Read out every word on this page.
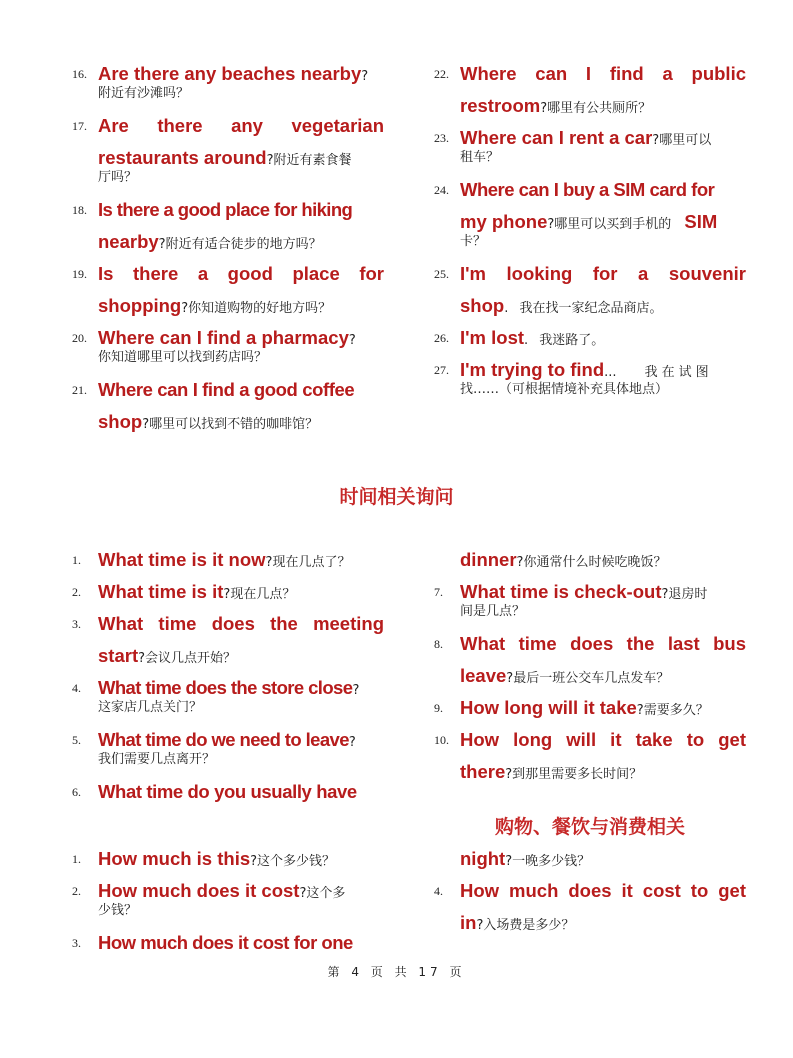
16. Are there any beaches nearby?
附近有沙滩吗？
17. Are there any vegetarian
restaurants around?附近有素食餐
厅吗？
18. Is there a good place for hiking
nearby?附近有适合徒步的地方吗？
19. Is there a good place for
shopping?你知道购物的好地方吗？
20. Where can I find a pharmacy?
你知道哪里可以找到药店吗？
21. Where can I find a good coffee
shop?哪里可以找到不错的咖啡馆？
22. Where can I find a public
restroom?哪里有公共厕所？
23. Where can I rent a car?哪里可以
租车？
24. Where can I buy a SIM card for
my phone?哪里可以买到手机的 SIM
卡？
25. I'm looking for a souvenir
shop. 我在找一家纪念品商店。
26. I'm lost. 我迷路了。
27. I'm trying to find... 我在试图
找……（可根据情境补充具体地点）
时间相关询问
1. What time is it now?现在几点了？
2. What time is it?现在几点？
3. What time does the meeting
start?会议几点开始？
4. What time does the store close?
这家店几点关门？
5. What time do we need to leave?
我们需要几点离开？
6. What time do you usually have
dinner?你通常什么时候吃晚饭？
7. What time is check-out?退房时
间是几点？
8. What time does the last bus
leave?最后一班公交车几点发车？
9. How long will it take?需要多久？
10. How long will it take to get
there?到那里需要多长时间？
购物、餐饮与消费相关
1. How much is this?这个多少钱？
2. How much does it cost?这个多
少钱？
3. How much does it cost for one
night?一晚多少钱？
4. How much does it cost to get
in?入场费是多少？
第 4 页 共 17 页
